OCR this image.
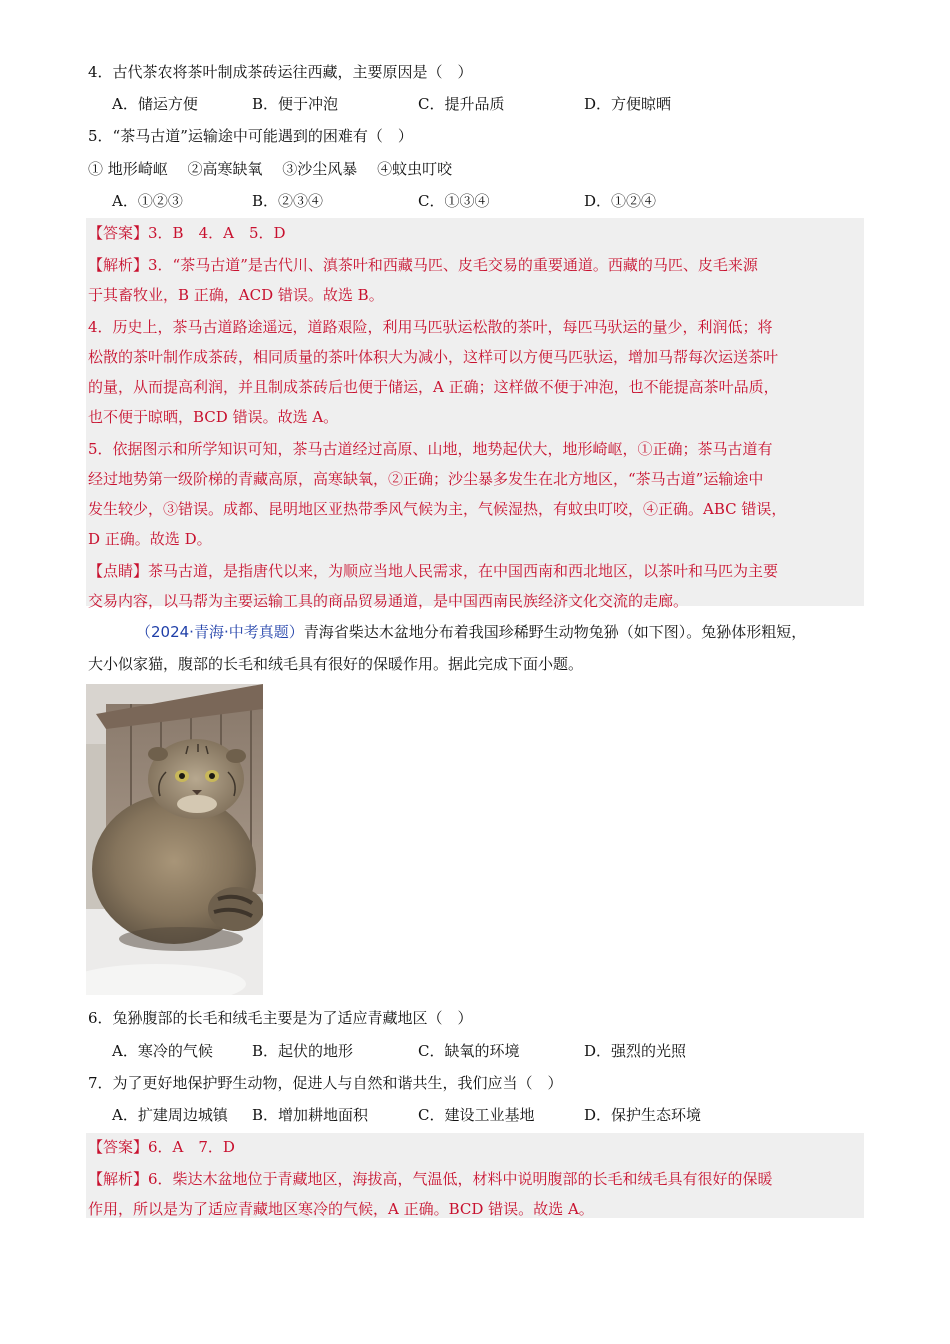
4．古代茶农将茶叶制成茶砖运往西藏，主要原因是（　）
A．储运方便	B．便于冲泡	C．提升品质	D．方便晾晒
5．“茶马古道”运输途中可能遇到的困难有（　）
① 地形崎岖　 ②高寒缺氧　 ③沙尘风暴　 ④蚊虫叮咬
A．①②③	B．②③④	C．①③④	D．①②④
【答案】3．B　4．A　5．D
【解析】3．“茶马古道”是古代川、滇茶叶和西藏马匹、皮毛交易的重要通道。西藏的马匹、皮毛来源
于其畜牧业，B 正确，ACD 错误。故选 B。
4．历史上，茶马古道路途遥远，道路艰险，利用马匹驮运松散的茶叶，每匹马驮运的量少，利润低；将
松散的茶叶制作成茶砖，相同质量的茶叶体积大为减小，这样可以方便马匹驮运，增加马帮每次运送茶叶
的量，从而提高利润，并且制成茶砖后也便于储运，A 正确；这样做不便于冲泡，也不能提高茶叶品质，
也不便于晾晒，BCD 错误。故选 A。
5．依据图示和所学知识可知，茶马古道经过高原、山地，地势起伏大，地形崎岖，①正确；茶马古道有
经过地势第一级阶梯的青藏高原，高寒缺氧，②正确；沙尘暴多发生在北方地区，“茶马古道”运输途中
发生较少，③错误。成都、昆明地区亚热带季风气候为主，气候湿热，有蚊虫叮咬，④正确。ABC 错误，
D 正确。故选 D。
【点睛】茶马古道，是指唐代以来，为顺应当地人民需求，在中国西南和西北地区，以茶叶和马匹为主要
交易内容，以马帮为主要运输工具的商品贸易通道，是中国西南民族经济文化交流的走廊。
（2024·青海·中考真题）青海省柴达木盆地分布着我国珍稀野生动物兔狲（如下图）。兔狲体形粗短，
大小似家猫，腹部的长毛和绒毛具有很好的保暖作用。据此完成下面小题。
6．兔狲腹部的长毛和绒毛主要是为了适应青藏地区（　）
A．寒冷的气候	B．起伏的地形	C．缺氧的环境	D．强烈的光照
7．为了更好地保护野生动物，促进人与自然和谐共生，我们应当（　）
A．扩建周边城镇 B．增加耕地面积	C．建设工业基地	D．保护生态环境
【答案】6．A　7．D
【解析】6．柴达木盆地位于青藏地区，海拔高，气温低，材料中说明腹部的长毛和绒毛具有很好的保暖
作用，所以是为了适应青藏地区寒冷的气候，A 正确。BCD 错误。故选 A。
